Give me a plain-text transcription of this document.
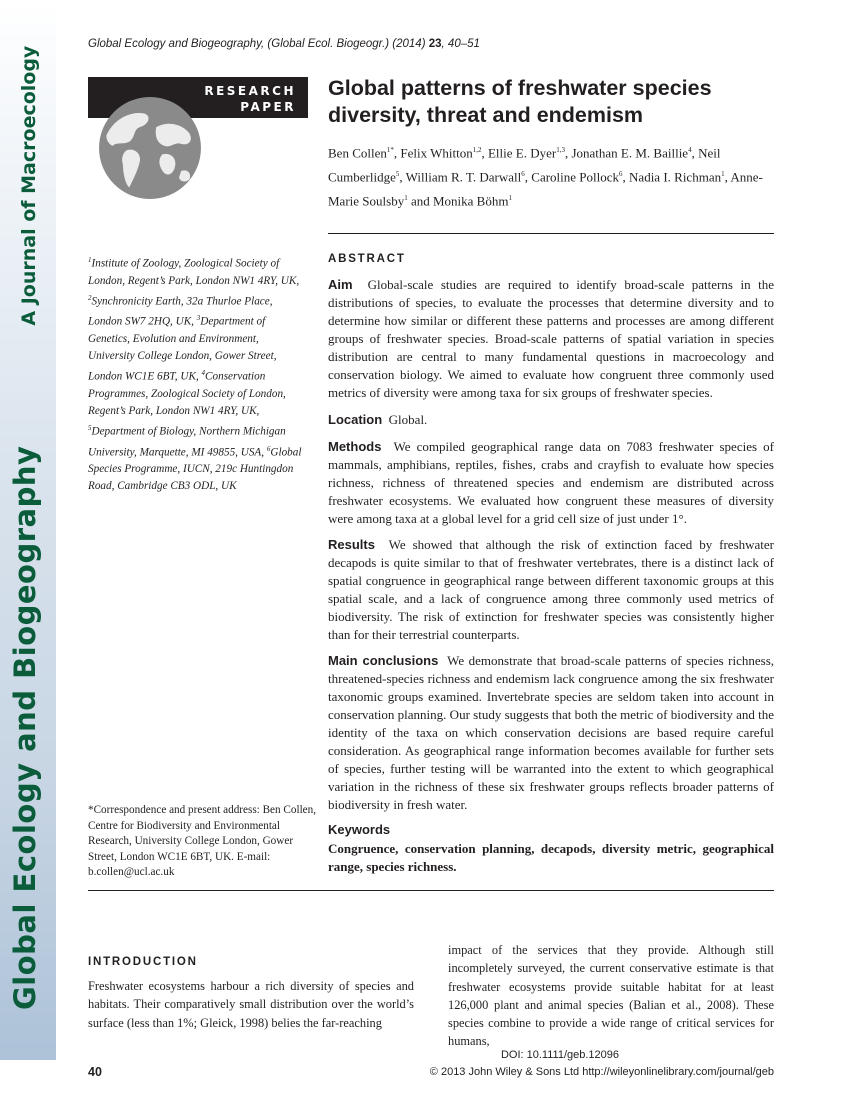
Global Ecology and BiogeographyA Journal of Macroecology
Global Ecology and Biogeography, (Global Ecol. Biogeogr.) (2014) 23, 40–51
RESEARCH
PAPER
Global patterns of freshwater species diversity, threat and endemism
Ben Collen$^{1*}$, Felix Whitton$^{1,2}$, Ellie E. Dyer$^{1,3}$, Jonathan E. M. Baillie$^4$, Neil Cumberlidge$^5$, William R. T. Darwall$^6$, Caroline Pollock$^6$, Nadia I. Richman$^1$, Anne-Marie Soulsby$^1$ and Monika Böhm$^1$
$^1$Institute of Zoology, Zoological Society of London, Regent’s Park, London NW1 4RY, UK, $^2$Synchronicity Earth, 32a Thurloe Place, London SW7 2HQ, UK, $^3$Department of Genetics, Evolution and Environment, University College London, Gower Street, London WC1E 6BT, UK, $^4$Conservation Programmes, Zoological Society of London, Regent’s Park, London NW1 4RY, UK, $^5$Department of Biology, Northern Michigan University, Marquette, MI 49855, USA, $^6$Global Species Programme, IUCN, 219c Huntingdon Road, Cambridge CB3 ODL, UK
*Correspondence and present address: Ben Collen, Centre for Biodiversity and Environmental Research, University College London, Gower Street, London WC1E 6BT, UK. E-mail: b.collen@ucl.ac.uk
ABSTRACT
Aim Global-scale studies are required to identify broad-scale patterns in the distributions of species, to evaluate the processes that determine diversity and to determine how similar or different these patterns and processes are among different groups of freshwater species. Broad-scale patterns of spatial variation in species distribution are central to many fundamental questions in macroecology and conservation biology. We aimed to evaluate how congruent three commonly used metrics of diversity were among taxa for six groups of freshwater species.
Location Global.
Methods We compiled geographical range data on 7083 freshwater species of mammals, amphibians, reptiles, fishes, crabs and crayfish to evaluate how species richness, richness of threatened species and endemism are distributed across freshwater ecosystems. We evaluated how congruent these measures of diversity were among taxa at a global level for a grid cell size of just under 1°.
Results We showed that although the risk of extinction faced by freshwater decapods is quite similar to that of freshwater vertebrates, there is a distinct lack of spatial congruence in geographical range between different taxonomic groups at this spatial scale, and a lack of congruence among three commonly used metrics of biodiversity. The risk of extinction for freshwater species was consistently higher than for their terrestrial counterparts.
Main conclusions We demonstrate that broad-scale patterns of species richness, threatened-species richness and endemism lack congruence among the six freshwater taxonomic groups examined. Invertebrate species are seldom taken into account in conservation planning. Our study suggests that both the metric of biodiversity and the identity of the taxa on which conservation decisions are based require careful consideration. As geographical range information becomes available for further sets of species, further testing will be warranted into the extent to which geographical variation in the richness of these six freshwater groups reflects broader patterns of biodiversity in fresh water.
Keywords
Congruence, conservation planning, decapods, diversity metric, geographical range, species richness.
INTRODUCTION
Freshwater ecosystems harbour a rich diversity of species and habitats. Their comparatively small distribution over the world’s surface (less than 1%; Gleick, 1998) belies the far-reaching
impact of the services that they provide. Although still incompletely surveyed, the current conservative estimate is that freshwater ecosystems provide suitable habitat for at least 126,000 plant and animal species (Balian et al., 2008). These species combine to provide a wide range of critical services for humans,
DOI: 10.1111/geb.12096
40	© 2013 John Wiley & Sons Ltd http://wileyonlinelibrary.com/journal/geb
